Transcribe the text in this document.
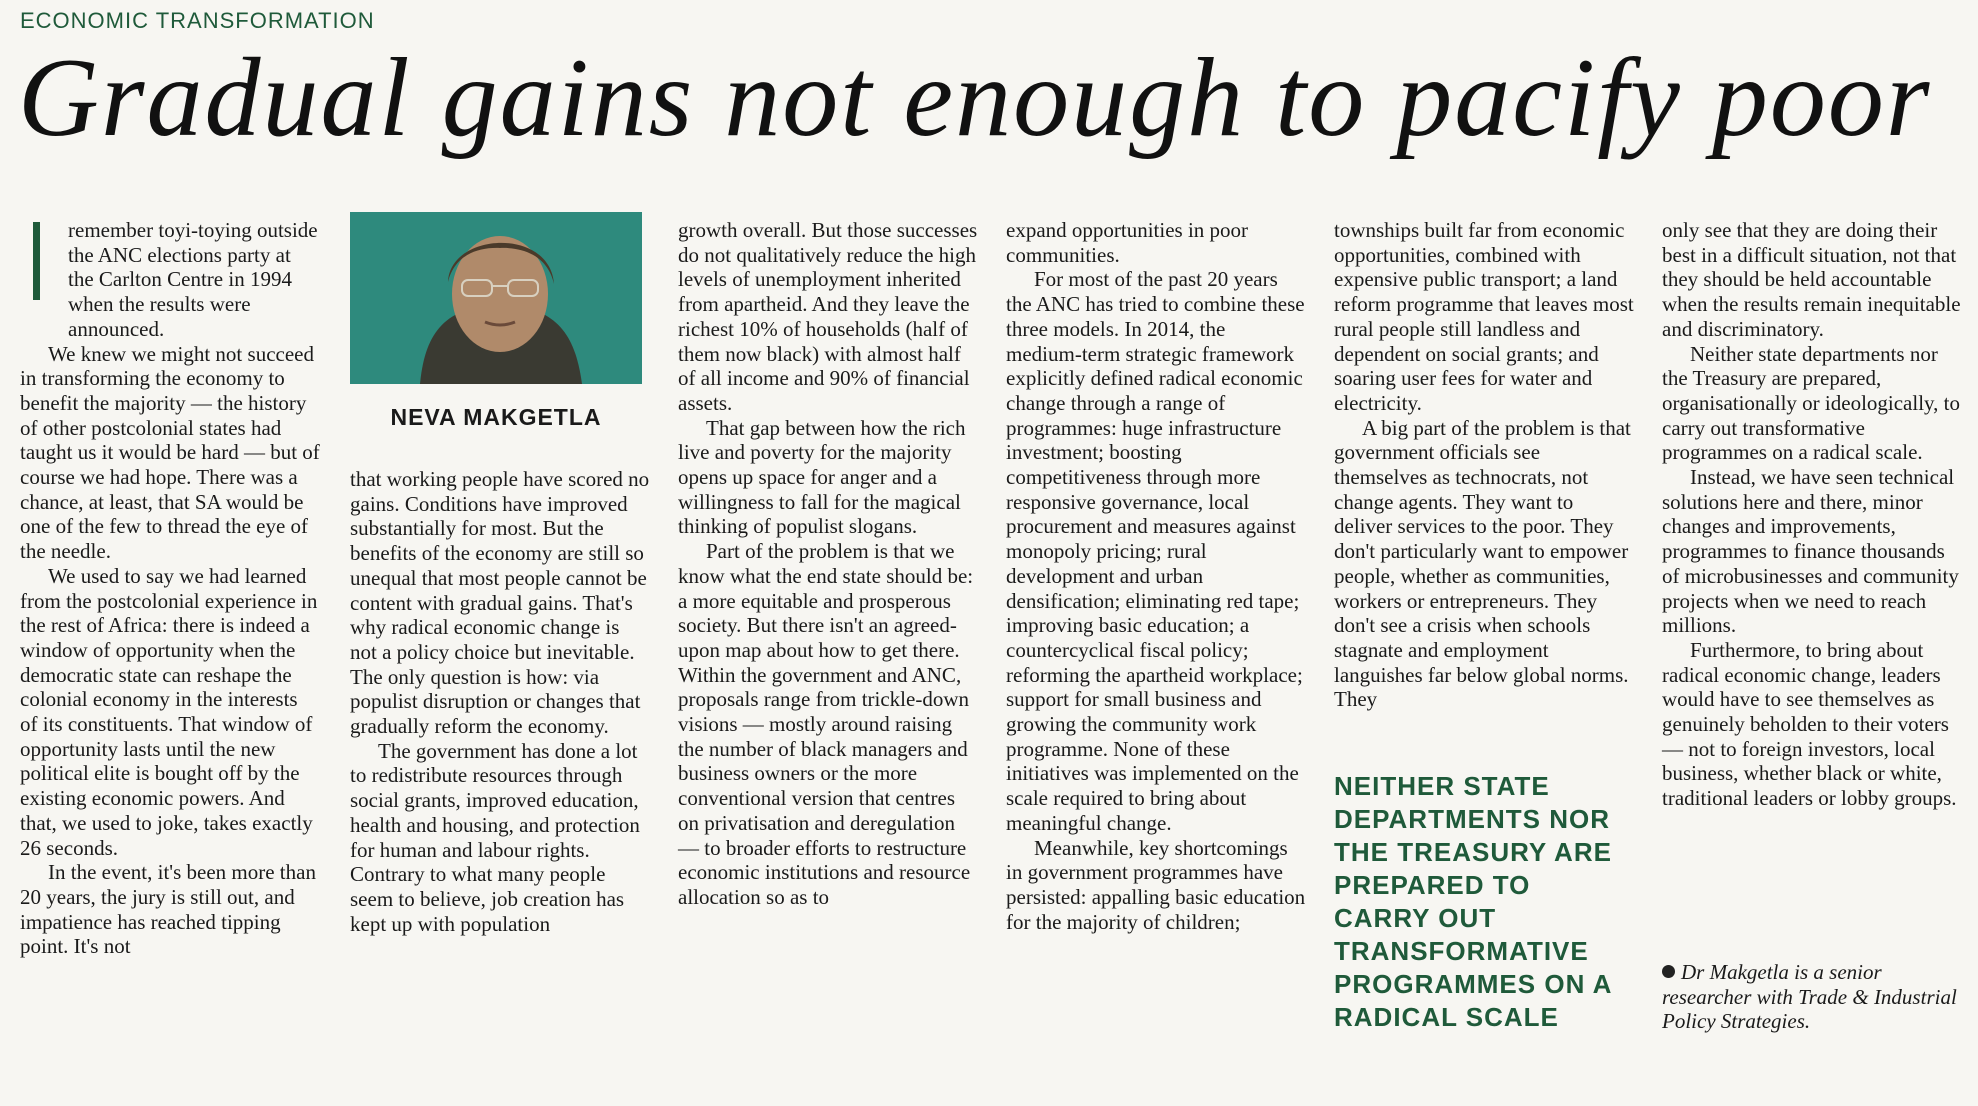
ECONOMIC TRANSFORMATION
Gradual gains not enough to pacify poor

remember toyi-toying outside the ANC elections party at the Carlton Centre in 1994 when the results were announced.

We knew we might not succeed in transforming the economy to benefit the majority — the history of other postcolonial states had taught us it would be hard — but of course we had hope. There was a chance, at least, that SA would be one of the few to thread the eye of the needle.

We used to say we had learned from the postcolonial experience in the rest of Africa: there is indeed a window of opportunity when the democratic state can reshape the colonial economy in the interests of its constituents. That window of opportunity lasts until the new political elite is bought off by the existing economic powers. And that, we used to joke, takes exactly 26 seconds.

In the event, it's been more than 20 years, the jury is still out, and impatience has reached tipping point. It's not

NEVA MAKGETLA

that working people have scored no gains. Conditions have improved substantially for most. But the benefits of the economy are still so unequal that most people cannot be content with gradual gains. That's why radical economic change is not a policy choice but inevitable. The only question is how: via populist disruption or changes that gradually reform the economy.

The government has done a lot to redistribute resources through social grants, improved education, health and housing, and protection for human and labour rights. Contrary to what many people seem to believe, job creation has kept up with population

growth overall. But those successes do not qualitatively reduce the high levels of unemployment inherited from apartheid. And they leave the richest 10% of households (half of them now black) with almost half of all income and 90% of financial assets.

That gap between how the rich live and poverty for the majority opens up space for anger and a willingness to fall for the magical thinking of populist slogans.

Part of the problem is that we know what the end state should be: a more equitable and prosperous society. But there isn't an agreed-upon map about how to get there. Within the government and ANC, proposals range from trickle-down visions — mostly around raising the number of black managers and business owners or the more conventional version that centres on privatisation and deregulation — to broader efforts to restructure economic institutions and resource allocation so as to

expand opportunities in poor communities.

For most of the past 20 years the ANC has tried to combine these three models. In 2014, the medium-term strategic framework explicitly defined radical economic change through a range of programmes: huge infrastructure investment; boosting competitiveness through more responsive governance, local procurement and measures against monopoly pricing; rural development and urban densification; eliminating red tape; improving basic education; a countercyclical fiscal policy; reforming the apartheid workplace; support for small business and growing the community work programme. None of these initiatives was implemented on the scale required to bring about meaningful change.

Meanwhile, key shortcomings in government programmes have persisted: appalling basic education for the majority of children;

townships built far from economic opportunities, combined with expensive public transport; a land reform programme that leaves most rural people still landless and dependent on social grants; and soaring user fees for water and electricity.

A big part of the problem is that government officials see themselves as technocrats, not change agents. They want to deliver services to the poor. They don't particularly want to empower people, whether as communities, workers or entrepreneurs. They don't see a crisis when schools stagnate and employment languishes far below global norms. They

NEITHER STATE DEPARTMENTS NOR THE TREASURY ARE PREPARED TO CARRY OUT TRANSFORMATIVE PROGRAMMES ON A RADICAL SCALE

only see that they are doing their best in a difficult situation, not that they should be held accountable when the results remain inequitable and discriminatory.

Neither state departments nor the Treasury are prepared, organisationally or ideologically, to carry out transformative programmes on a radical scale.

Instead, we have seen technical solutions here and there, minor changes and improvements, programmes to finance thousands of microbusinesses and community projects when we need to reach millions.

Furthermore, to bring about radical economic change, leaders would have to see themselves as genuinely beholden to their voters — not to foreign investors, local business, whether black or white, traditional leaders or lobby groups.

Dr Makgetla is a senior researcher with Trade & Industrial Policy Strategies.
